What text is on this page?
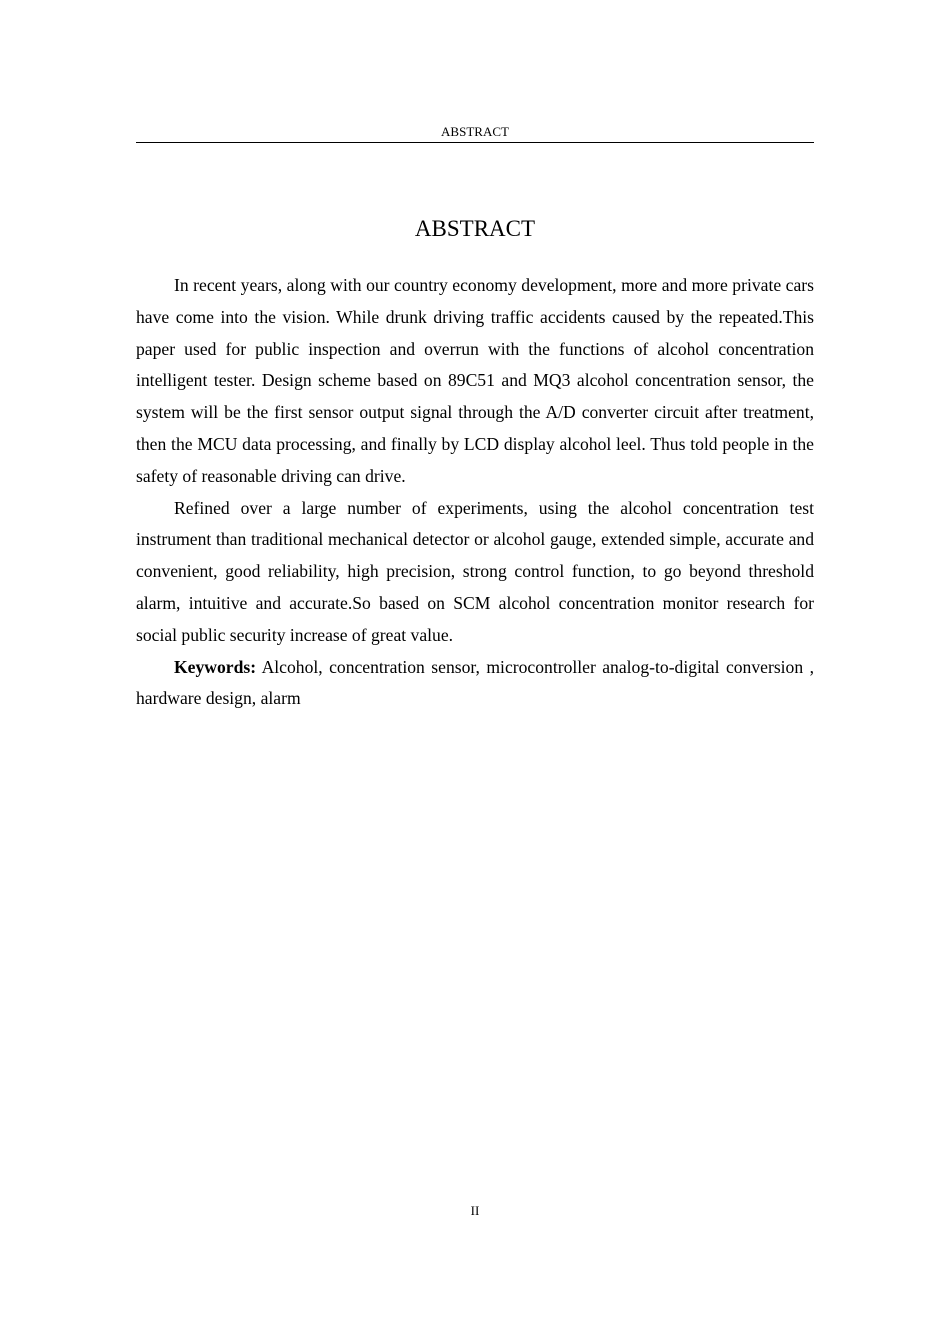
ABSTRACT
ABSTRACT

In recent years, along with our country economy development, more and more private cars have come into the vision. While drunk driving traffic accidents caused by the repeated.This paper used for public inspection and overrun with the functions of alcohol concentration intelligent tester. Design scheme based on 89C51 and MQ3 alcohol concentration sensor, the system will be the first sensor output signal through the A/D converter circuit after treatment, then the MCU data processing, and finally by LCD display alcohol leel. Thus told people in the safety of reasonable driving can drive.

Refined over a large number of experiments, using the alcohol concentration test instrument than traditional mechanical detector or alcohol gauge, extended simple, accurate and convenient, good reliability, high precision, strong control function, to go beyond threshold alarm, intuitive and accurate.So based on SCM alcohol concentration monitor research for social public security increase of great value.

Keywords: Alcohol, concentration sensor, microcontroller analog-to-digital conversion , hardware design, alarm

II
